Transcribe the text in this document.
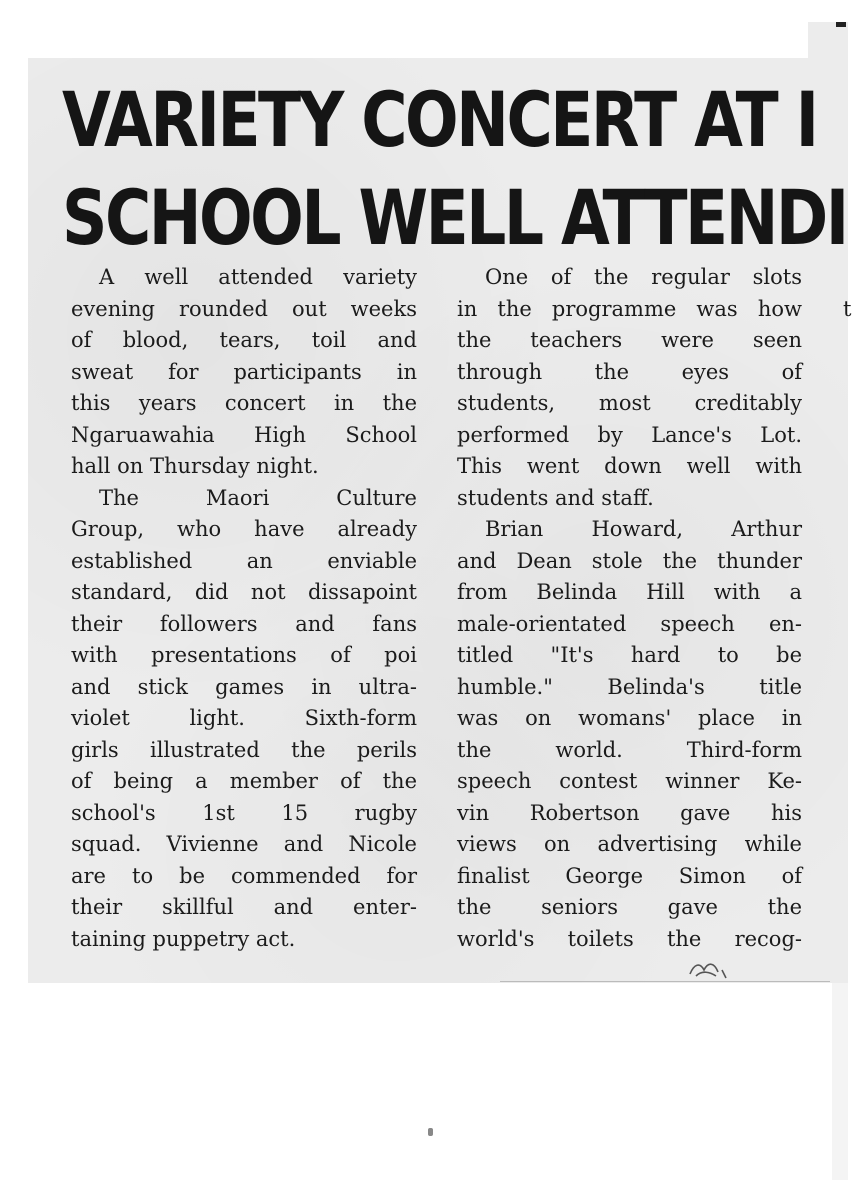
VARIETY CONCERT AT I
SCHOOL WELL ATTENDI
A well attended variety
evening rounded out weeks
of blood, tears, toil and
sweat for participants in
this years concert in the
Ngaruawahia High School
hall on Thursday night.
The Maori Culture
Group, who have already
established an enviable
standard, did not dissapoint
their followers and fans
with presentations of poi
and stick games in ultra-
violet light. Sixth-form
girls illustrated the perils
of being a member of the
school's 1st 15 rugby
squad. Vivienne and Nicole
are to be commended for
their skillful and enter-
taining puppetry act.
One of the regular slots
in the programme was how
the teachers were seen
through the eyes of
students, most creditably
performed by Lance's Lot.
This went down well with
students and staff.
Brian Howard, Arthur
and Dean stole the thunder
from Belinda Hill with a
male-orientated speech en-
titled "It's hard to be
humble." Belinda's title
was on womans' place in
the world. Third-form
speech contest winner Ke-
vin Robertson gave his
views on advertising while
finalist George Simon of
the seniors gave the
world's toilets the recog-
t
